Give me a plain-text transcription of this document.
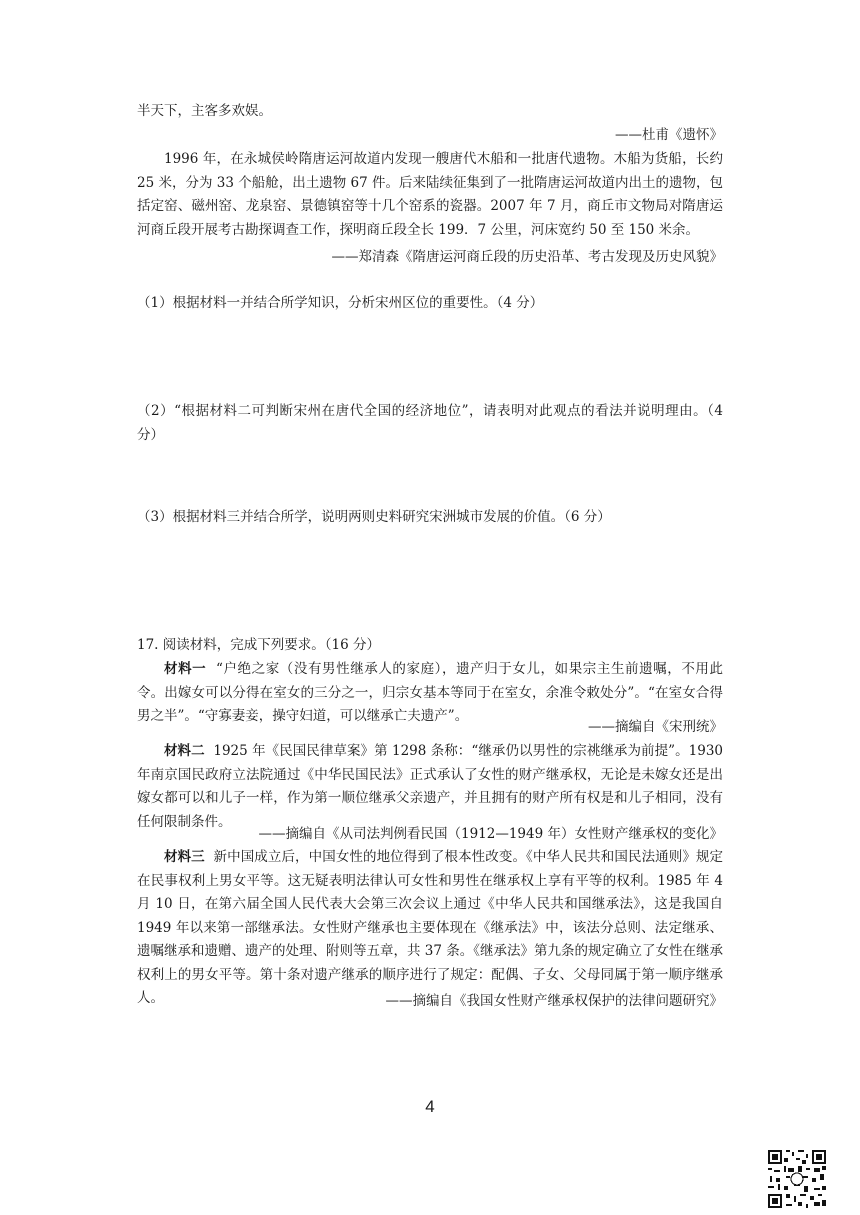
半天下，主客多欢娱。

——杜甫《遗怀》

1996 年，在永城侯岭隋唐运河故道内发现一艘唐代木船和一批唐代遗物。木船为货船，长约 25 米，分为 33 个船舱，出土遗物 67 件。后来陆续征集到了一批隋唐运河故道内出土的遗物，包括定窑、磁州窑、龙泉窑、景德镇窑等十几个窑系的瓷器。2007 年 7 月，商丘市文物局对隋唐运河商丘段开展考古勘探调查工作，探明商丘段全长 199．7 公里，河床宽约 50 至 150 米余。

——郑清森《隋唐运河商丘段的历史沿革、考古发现及历史风貌》

（1）根据材料一并结合所学知识，分析宋州区位的重要性。（4 分）

（2）“根据材料二可判断宋州在唐代全国的经济地位”，请表明对此观点的看法并说明理由。（4 分）

（3）根据材料三并结合所学，说明两则史料研究宋洲城市发展的价值。（6 分）

17. 阅读材料，完成下列要求。（16 分）

材料一 “户绝之家（没有男性继承人的家庭），遗产归于女儿，如果宗主生前遗嘱，不用此令。出嫁女可以分得在室女的三分之一，归宗女基本等同于在室女，余准令敕处分”。“在室女合得男之半”。“守寡妻妾，操守妇道，可以继承亡夫遗产”。

——摘编自《宋刑统》

材料二 1925 年《民国民律草案》第 1298 条称：“继承仍以男性的宗祧继承为前提”。1930 年南京国民政府立法院通过《中华民国民法》正式承认了女性的财产继承权，无论是未嫁女还是出嫁女都可以和儿子一样，作为第一顺位继承父亲遗产，并且拥有的财产所有权是和儿子相同，没有任何限制条件。

——摘编自《从司法判例看民国（1912—1949 年）女性财产继承权的变化》

材料三 新中国成立后，中国女性的地位得到了根本性改变。《中华人民共和国民法通则》规定在民事权利上男女平等。这无疑表明法律认可女性和男性在继承权上享有平等的权利。1985 年 4 月 10 日，在第六届全国人民代表大会第三次会议上通过《中华人民共和国继承法》，这是我国自 1949 年以来第一部继承法。女性财产继承也主要体现在《继承法》中，该法分总则、法定继承、遗嘱继承和遗赠、遗产的处理、附则等五章，共 37 条。《继承法》第九条的规定确立了女性在继承权利上的男女平等。第十条对遗产继承的顺序进行了规定：配偶、子女、父母同属于第一顺序继承人。	——摘编自《我国女性财产继承权保护的法律问题研究》

4
